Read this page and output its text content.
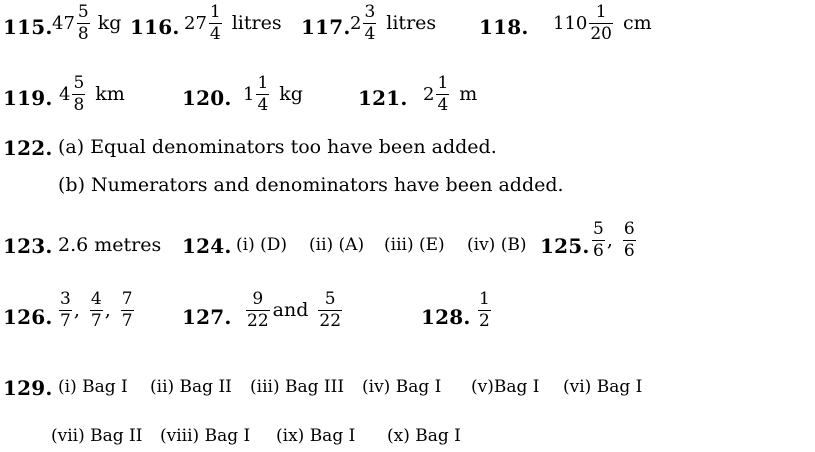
115. $47 \frac{5}{8}$ kg 116. $27 \frac{1}{4}$ litres 117. $2 \frac{3}{4}$ litres 118. $110 \frac{1}{20}$ cm
119. $4 \frac{5}{8}$ km	120. $1 \frac{1}{4}$ kg	121. $2 \frac{1}{4}$ m
122. (a) Equal denominators too have been added.
(b) Numerators and denominators have been added.
123. 2.6 metres 124. (i) (D) (ii) (A) (iii) (E) (iv) (B) 125. $\frac{5}{6}$ , $\frac{6}{6}$
126. $\frac{3}{7}$ , $\frac{4}{7}$ , $\frac{7}{7} 127$. $\frac{9}{22}$ and $\frac{5}{22}$	128. $\frac{1}{2}$
129. (i) Bag I (ii) Bag II (iii) Bag III (iv) Bag I (v)Bag I (vi) Bag I
(vii) Bag II (viii) Bag I (ix) Bag I (x) Bag I
